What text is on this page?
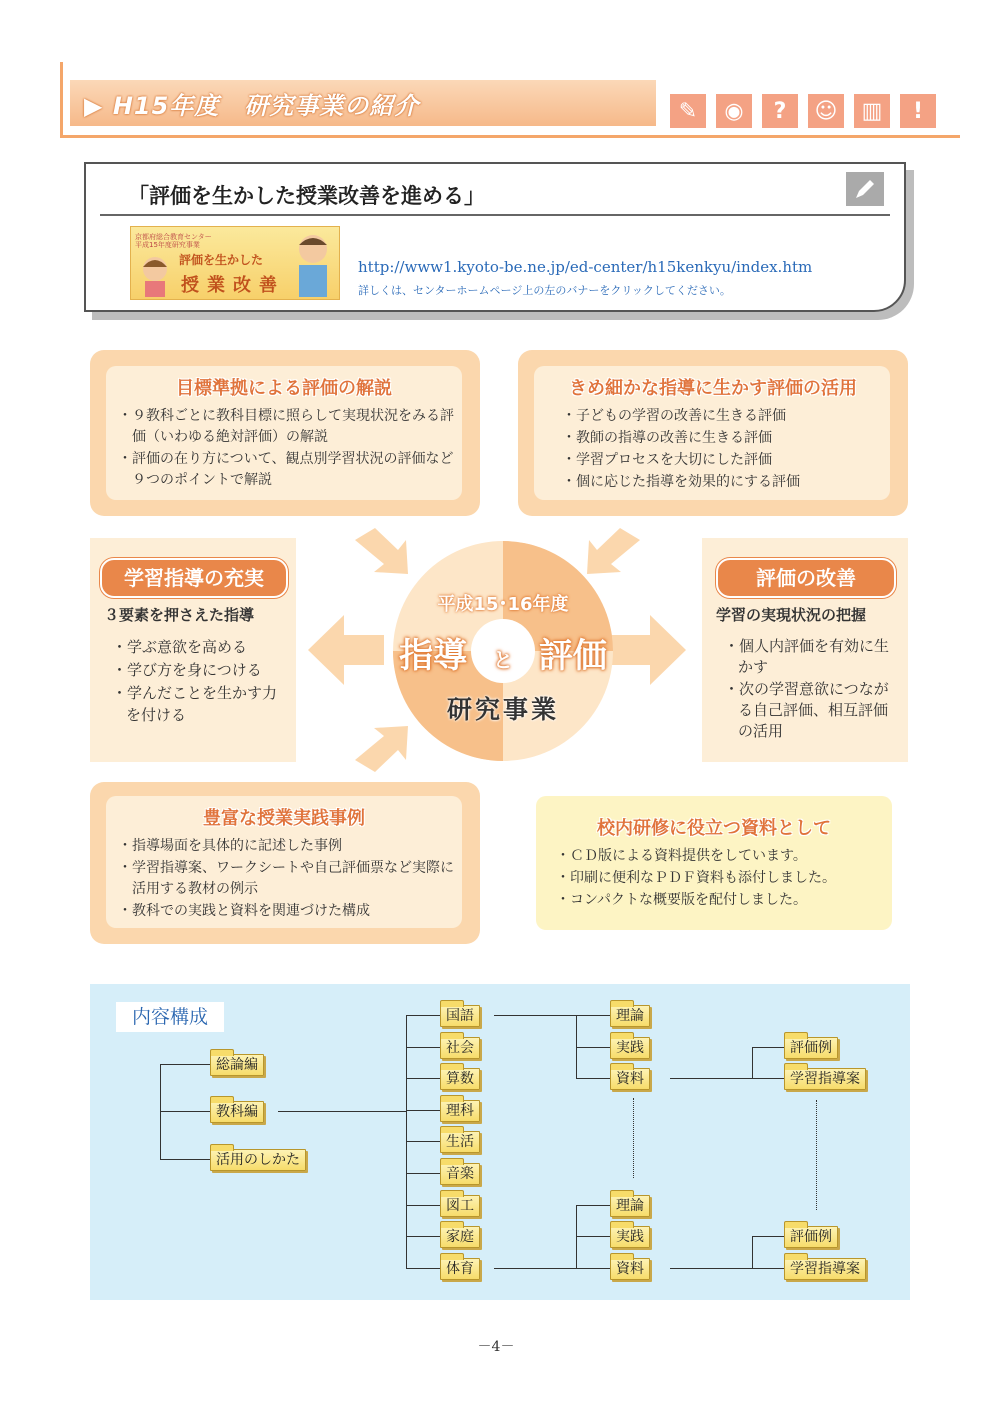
▶ H15年度　研究事業の紹介	✎	◉	?	☺	▥	!
「評価を生かした授業改善を進める」
京都府総合教育センター
平成15年度研究事業
評価を生かした
授業改善
http://www1.kyoto-be.ne.jp/ed-center/h15kenkyu/index.htm
詳しくは、センターホームページ上の左のバナーをクリックしてください。
目標準拠による評価の解説
・９教科ごとに教科目標に照らして実現状況をみる評価（いわゆる絶対評価）の解説
・評価の在り方について、観点別学習状況の評価など９つのポイントで解説
きめ細かな指導に生かす評価の活用
・子どもの学習の改善に生きる評価
・教師の指導の改善に生きる評価
・学習プロセスを大切にした評価
・個に応じた指導を効果的にする評価
学習指導の充実
３要素を押さえた指導
・学ぶ意欲を高める
・学び方を身につける
・学んだことを生かす力を付ける
評価の改善
学習の実現状況の把握
・個人内評価を有効に生かす
・次の学習意欲につながる自己評価、相互評価の活用
平成15･16年度
指導 と 評価
研究事業
豊富な授業実践事例
・指導場面を具体的に記述した事例
・学習指導案、ワークシートや自己評価票など実際に活用する教材の例示
・教科での実践と資料を関連づけた構成
校内研修に役立つ資料として
・ＣＤ版による資料提供をしています。
・印刷に便利なＰＤＦ資料も添付しました。
・コンパクトな概要版を配付しました。
内容構成
総論編
教科編
活用のしかた
国語
社会
算数
理科
生活
音楽
図工
家庭
体育
理論
実践
資料
評価例
学習指導案
理論
実践
資料
評価例
学習指導案
－4－
